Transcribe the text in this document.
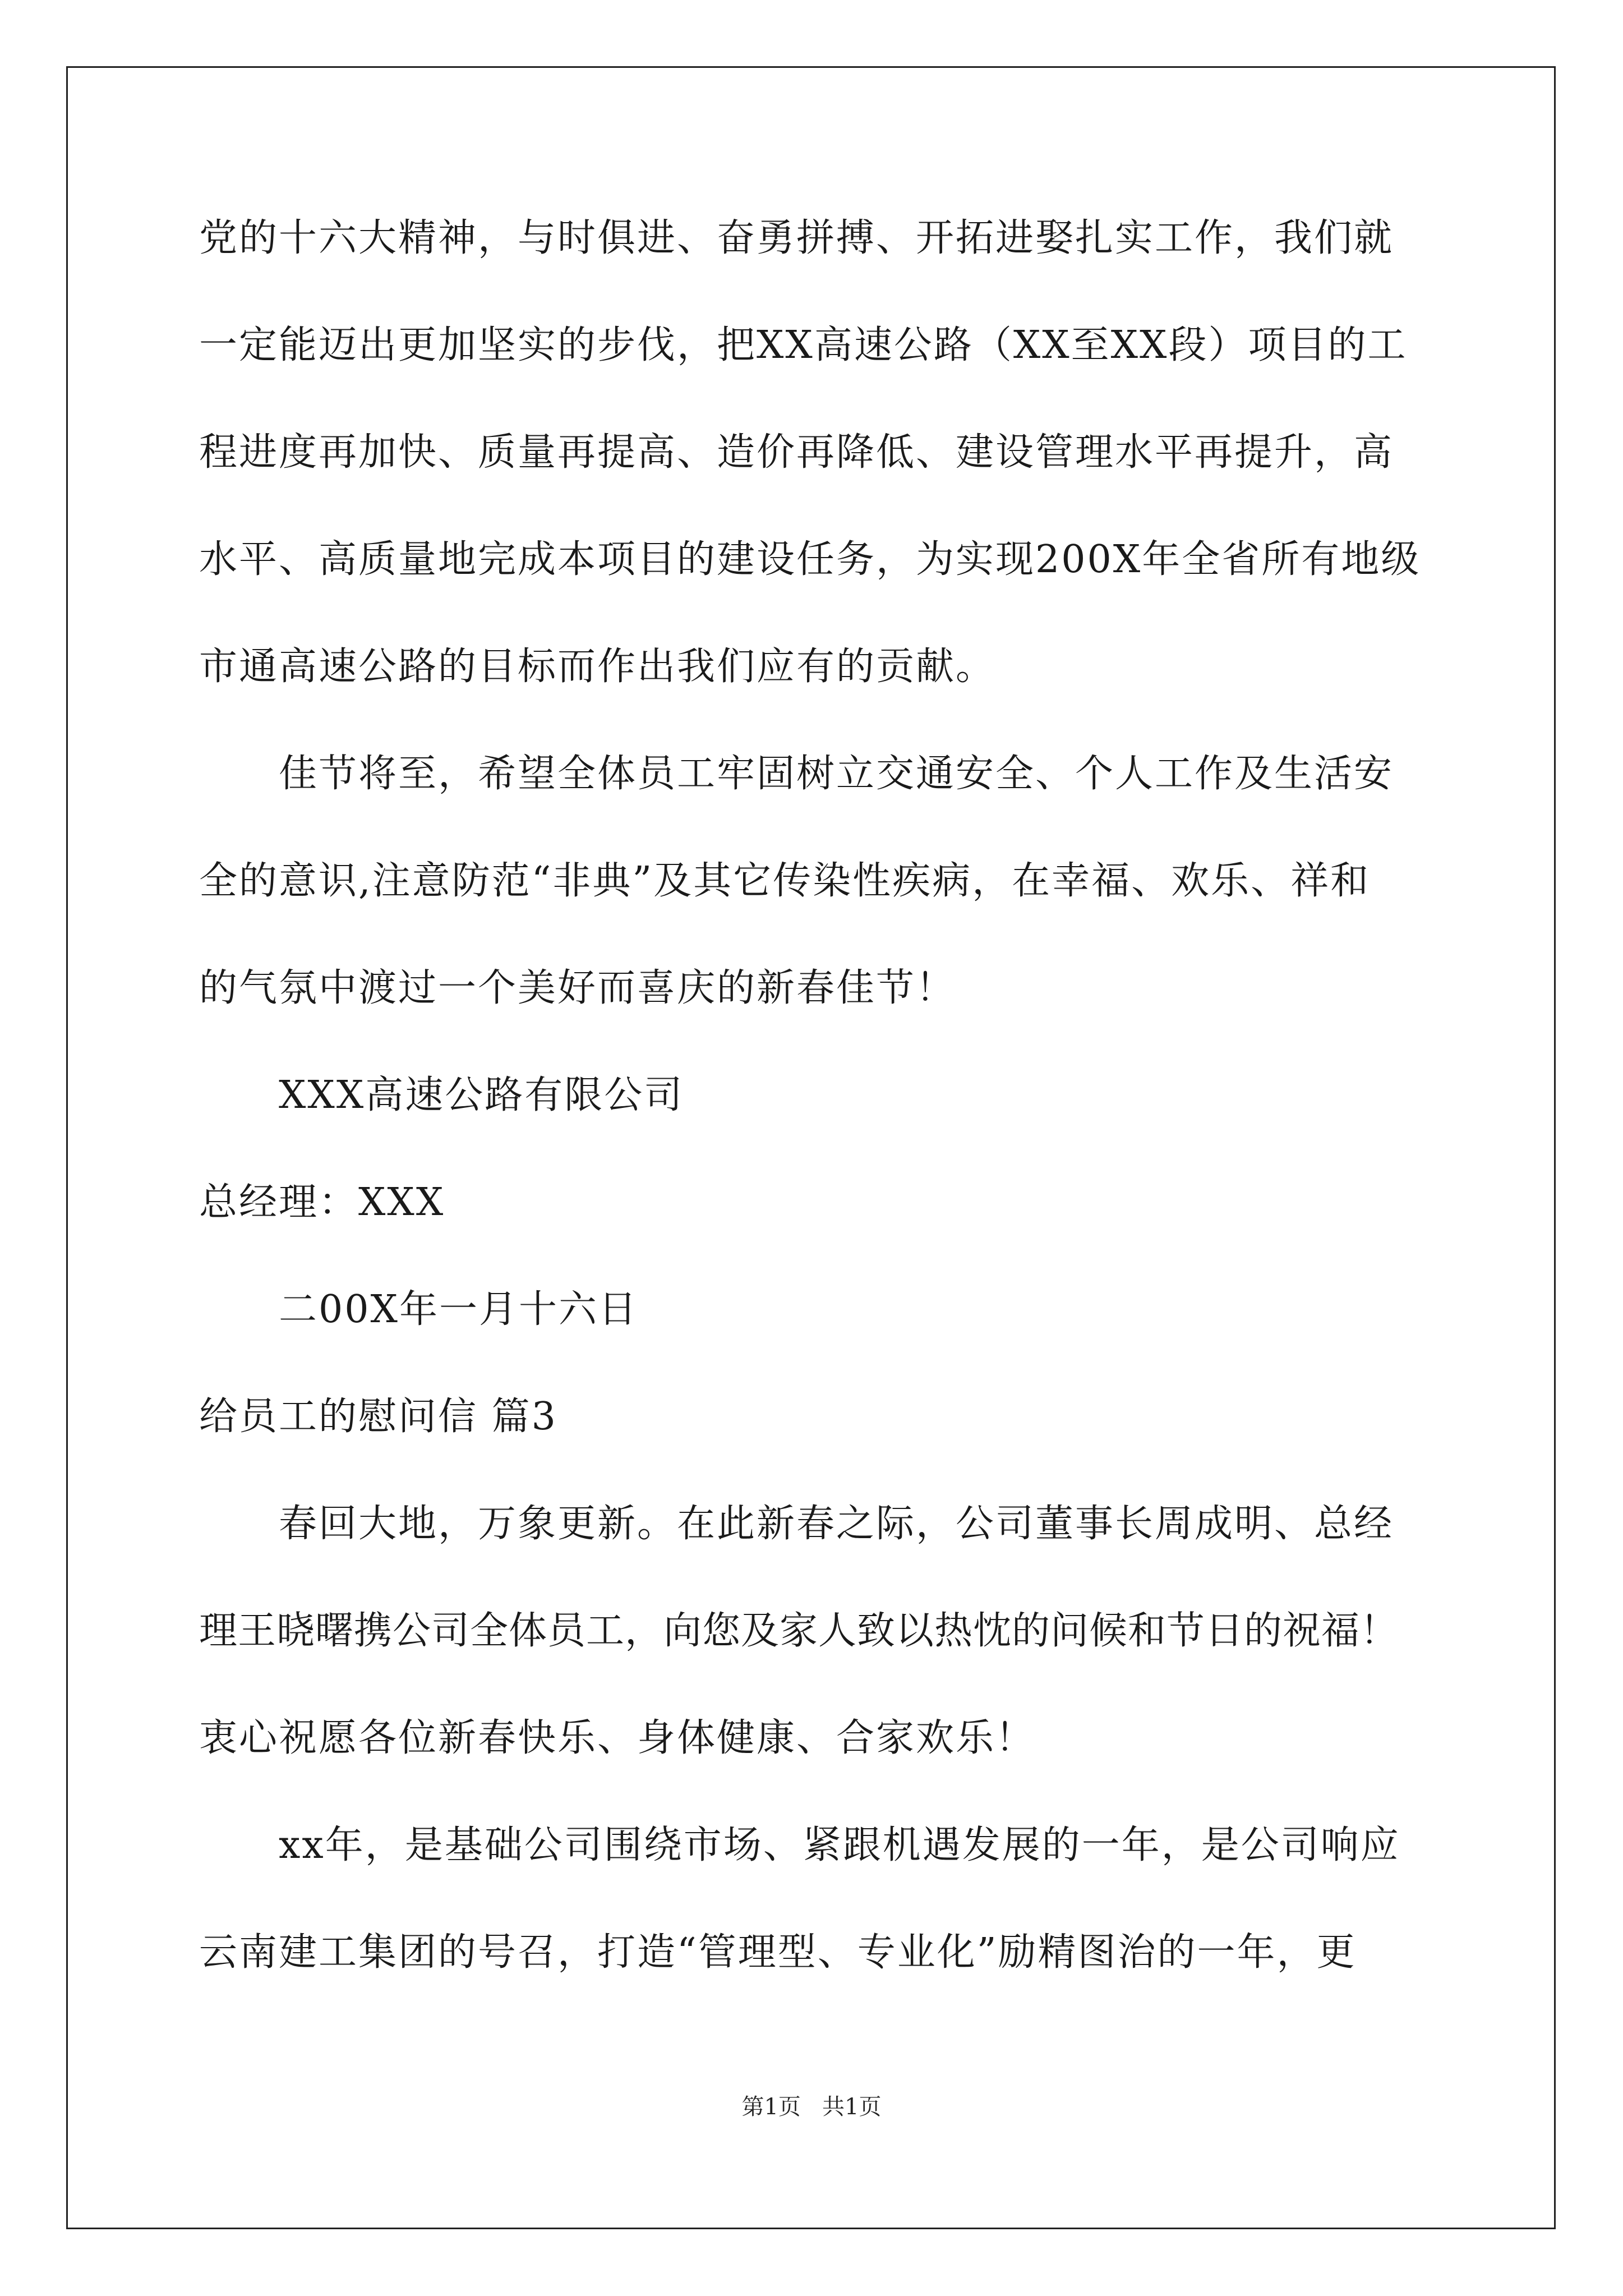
党的十六大精神，与时俱进、奋勇拼搏、开拓进娶扎实工作，我们就
一定能迈出更加坚实的步伐，把XX高速公路（XX至XX段）项目的工
程进度再加快、质量再提高、造价再降低、建设管理水平再提升，高
水平、高质量地完成本项目的建设任务，为实现200X年全省所有地级
市通高速公路的目标而作出我们应有的贡献。
佳节将至，希望全体员工牢固树立交通安全、个人工作及生活安
全的意识,注意防范“非典”及其它传染性疾病，在幸福、欢乐、祥和
的气氛中渡过一个美好而喜庆的新春佳节！
XXX高速公路有限公司
总经理：XXX
二00X年一月十六日
给员工的慰问信 篇3
春回大地，万象更新。在此新春之际，公司董事长周成明、总经
理王晓曙携公司全体员工，向您及家人致以热忱的问候和节日的祝福！
衷心祝愿各位新春快乐、身体健康、合家欢乐！
xx年，是基础公司围绕市场、紧跟机遇发展的一年，是公司响应
云南建工集团的号召，打造“管理型、专业化”励精图治的一年，更
第1页   共1页
